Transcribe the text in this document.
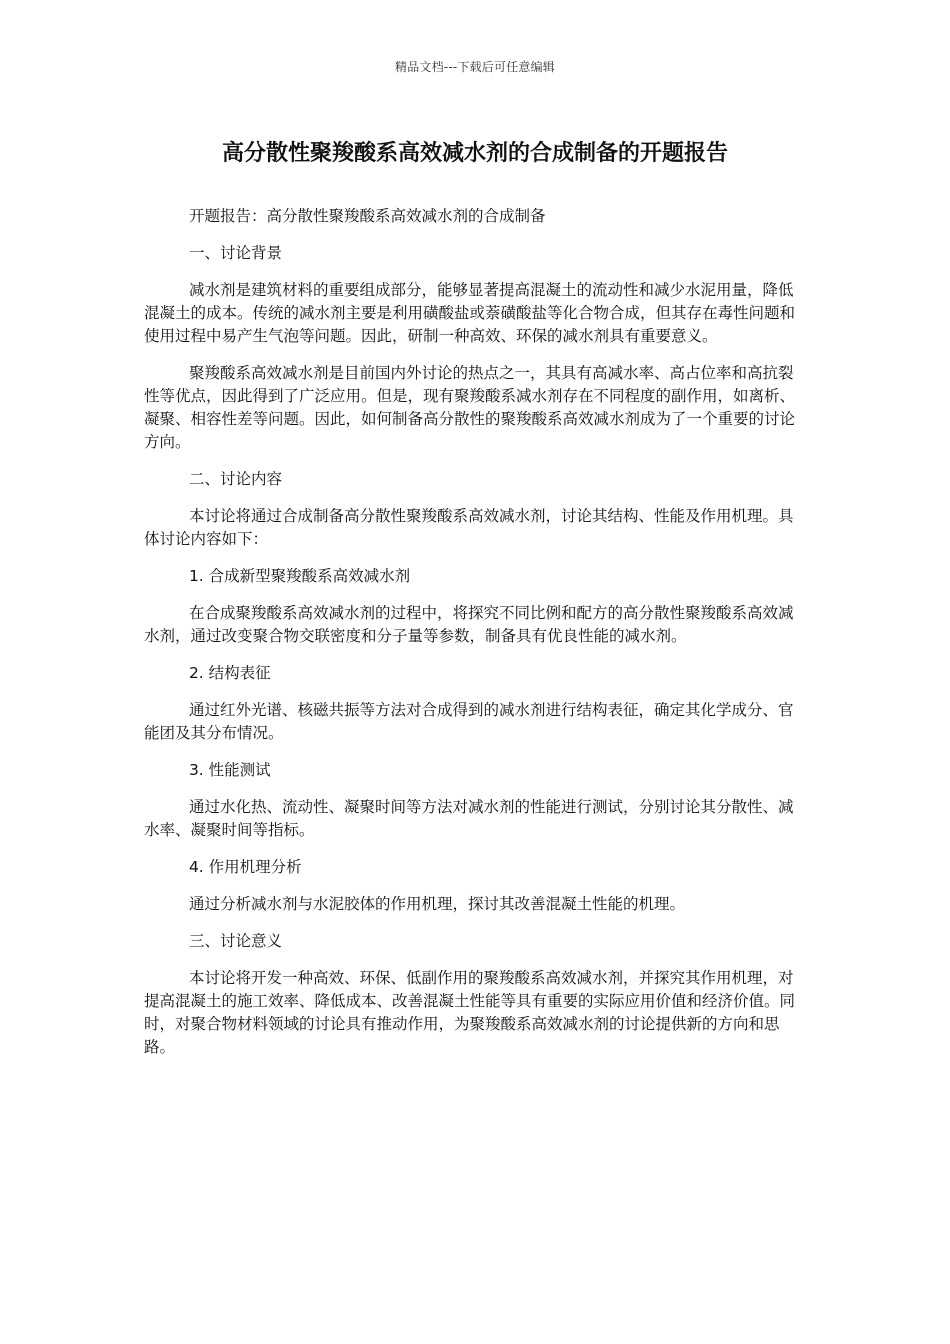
精品文档---下载后可任意编辑
高分散性聚羧酸系高效减水剂的合成制备的开题报告

开题报告：高分散性聚羧酸系高效减水剂的合成制备

一、讨论背景

减水剂是建筑材料的重要组成部分，能够显著提高混凝土的流动性和减少水泥用量，降低混凝土的成本。传统的减水剂主要是利用磺酸盐或萘磺酸盐等化合物合成，但其存在毒性问题和使用过程中易产生气泡等问题。因此，研制一种高效、环保的减水剂具有重要意义。

聚羧酸系高效减水剂是目前国内外讨论的热点之一，其具有高减水率、高占位率和高抗裂性等优点，因此得到了广泛应用。但是，现有聚羧酸系减水剂存在不同程度的副作用，如离析、凝聚、相容性差等问题。因此，如何制备高分散性的聚羧酸系高效减水剂成为了一个重要的讨论方向。

二、讨论内容

本讨论将通过合成制备高分散性聚羧酸系高效减水剂，讨论其结构、性能及作用机理。具体讨论内容如下：

1. 合成新型聚羧酸系高效减水剂

在合成聚羧酸系高效减水剂的过程中，将探究不同比例和配方的高分散性聚羧酸系高效减水剂，通过改变聚合物交联密度和分子量等参数，制备具有优良性能的减水剂。

2. 结构表征

通过红外光谱、核磁共振等方法对合成得到的减水剂进行结构表征，确定其化学成分、官能团及其分布情况。

3. 性能测试

通过水化热、流动性、凝聚时间等方法对减水剂的性能进行测试，分别讨论其分散性、减水率、凝聚时间等指标。

4. 作用机理分析

通过分析减水剂与水泥胶体的作用机理，探讨其改善混凝土性能的机理。

三、讨论意义

本讨论将开发一种高效、环保、低副作用的聚羧酸系高效减水剂，并探究其作用机理，对提高混凝土的施工效率、降低成本、改善混凝土性能等具有重要的实际应用价值和经济价值。同时，对聚合物材料领域的讨论具有推动作用，为聚羧酸系高效减水剂的讨论提供新的方向和思路。
